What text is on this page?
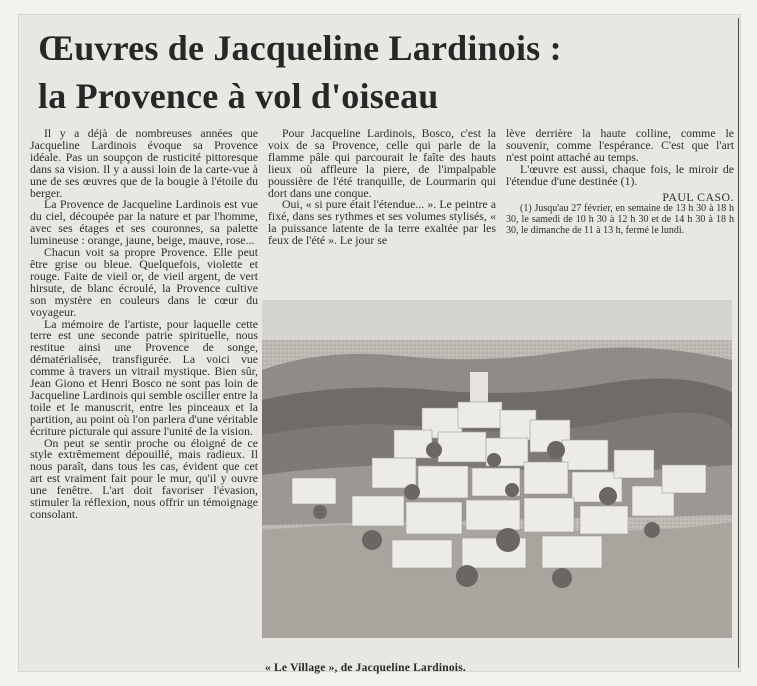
Œuvres de Jacqueline Lardinois :
la Provence à vol d'oiseau

Il y a déjà de nombreuses années que Jacqueline Lardinois évoque sa Provence idéale. Pas un soupçon de rusticité pittoresque dans sa vision. Il y a aussi loin de la carte-vue à une de ses œuvres que de la bougie à l'étoile du berger.

La Provence de Jacqueline Lardinois est vue du ciel, découpée par la nature et par l'homme, avec ses étages et ses couronnes, sa palette lumineuse : orange, jaune, beige, mauve, rose...

Chacun voit sa propre Provence. Elle peut être grise ou bleue. Quelquefois, violette et rouge. Faite de vieil or, de vieil argent, de vert hirsute, de blanc écroulé, la Provence cultive son mystère en couleurs dans le cœur du voyageur.

La mémoire de l'artiste, pour laquelle cette terre est une seconde patrie spirituelle, nous restitue ainsi une Provence de songe, dématérialisée, transfigurée. La voici vue comme à travers un vitrail mystique. Bien sûr, Jean Giono et Henri Bosco ne sont pas loin de Jacqueline Lardinois qui semble osciller entre la toile et le manuscrit, entre les pinceaux et la partition, au point où l'on parlera d'une véritable écriture picturale qui assure l'unité de la vision.

On peut se sentir proche ou éloigné de ce style extrêmement dépouillé, mais radieux. Il nous paraît, dans tous les cas, évident que cet art est vraiment fait pour le mur, qu'il y ouvre une fenêtre. L'art doit favoriser l'évasion, stimuler la réflexion, nous offrir un témoignage consolant.

Pour Jacqueline Lardinois, Bosco, c'est la voix de sa Provence, celle qui parle de la flamme pâle qui parcourait le faîte des hauts lieux où affleure la piere, de l'impalpable poussière de l'été tranquille, de Lourmarin qui dort dans une conque.

Oui, « si pure était l'étendue... ». Le peintre a fixé, dans ses rythmes et ses volumes stylisés, « la puissance latente de la terre exaltée par les feux de l'été ». Le jour se

lève derrière la haute colline, comme le souvenir, comme l'espérance. C'est que l'art n'est point attaché au temps.

L'œuvre est aussi, chaque fois, le miroir de l'étendue d'une destinée (1).

PAUL CASO.

(1) Jusqu'au 27 février, en semaine de 13 h 30 à 18 h 30, le samedi de 10 h 30 à 12 h 30 et de 14 h 30 à 18 h 30, le dimanche de 11 à 13 h, fermé le lundi.

« Le Village », de Jacqueline Lardinois.
